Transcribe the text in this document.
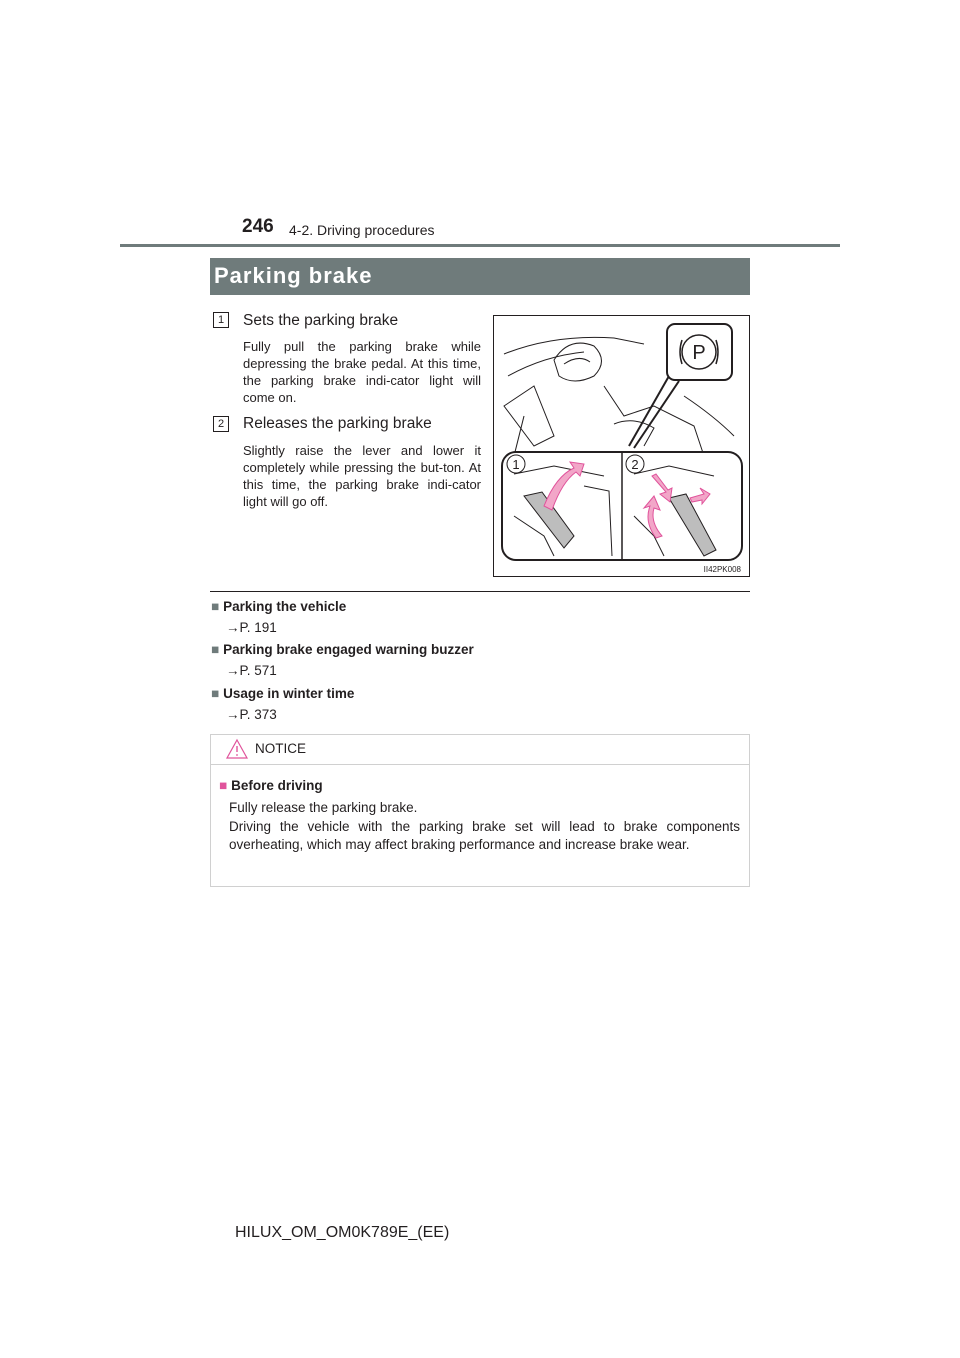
246 4-2. Driving procedures
Parking brake
1	Sets the parking brake
Fully pull the parking brake while depressing the brake pedal. At this time, the parking brake indi-cator light will come on.
2	Releases the parking brake
Slightly raise the lever and lower it completely while pressing the but-ton. At this time, the parking brake indi-cator light will go off.
P
1	2
II42PK008
■ Parking the vehicle
→P. 191
■ Parking brake engaged warning buzzer
→P. 571
■ Usage in winter time
→P. 373
NOTICE
■ Before driving
Fully release the parking brake.
Driving the vehicle with the parking brake set will lead to brake components overheating, which may affect braking performance and increase brake wear.
HILUX_OM_OM0K789E_(EE)
